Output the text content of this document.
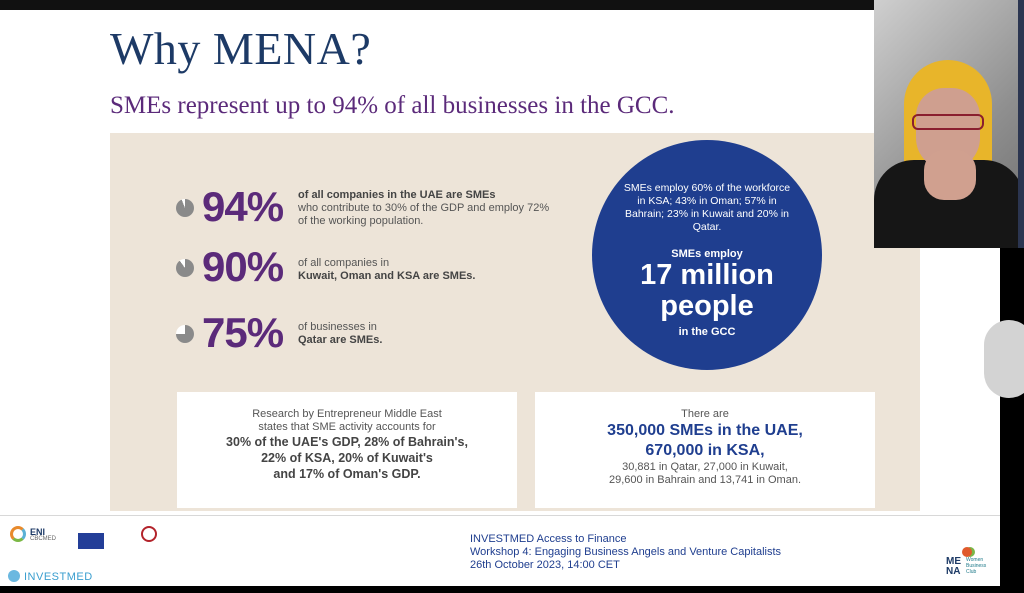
Why MENA?
SMEs represent up to 94% of all businesses in the GCC.
94% of all companies in the UAE are SMEs
who contribute to 30% of the GDP and employ 72% of the working population.
90% of all companies in
Kuwait, Oman and KSA are SMEs.
75% of businesses in
Qatar are SMEs.
SMEs employ 60% of the workforce in KSA; 43% in Oman; 57% in Bahrain; 23% in Kuwait and 20% in Qatar.
SMEs employ
17 million
people
in the GCC
Research by Entrepreneur Middle East
states that SME activity accounts for
30% of the UAE's GDP, 28% of Bahrain's,
22% of KSA, 20% of Kuwait's
and 17% of Oman's GDP.
There are
350,000 SMEs in the UAE,
670,000 in KSA,
30,881 in Qatar, 27,000 in Kuwait,
29,600 in Bahrain and 13,741 in Oman.
ENI
CBCMED
INVESTMED
INVESTMED Access to Finance
Workshop 4: Engaging Business Angels and Venture Capitalists
26th October 2023, 14:00 CET	ME
NA
Women Business Club
